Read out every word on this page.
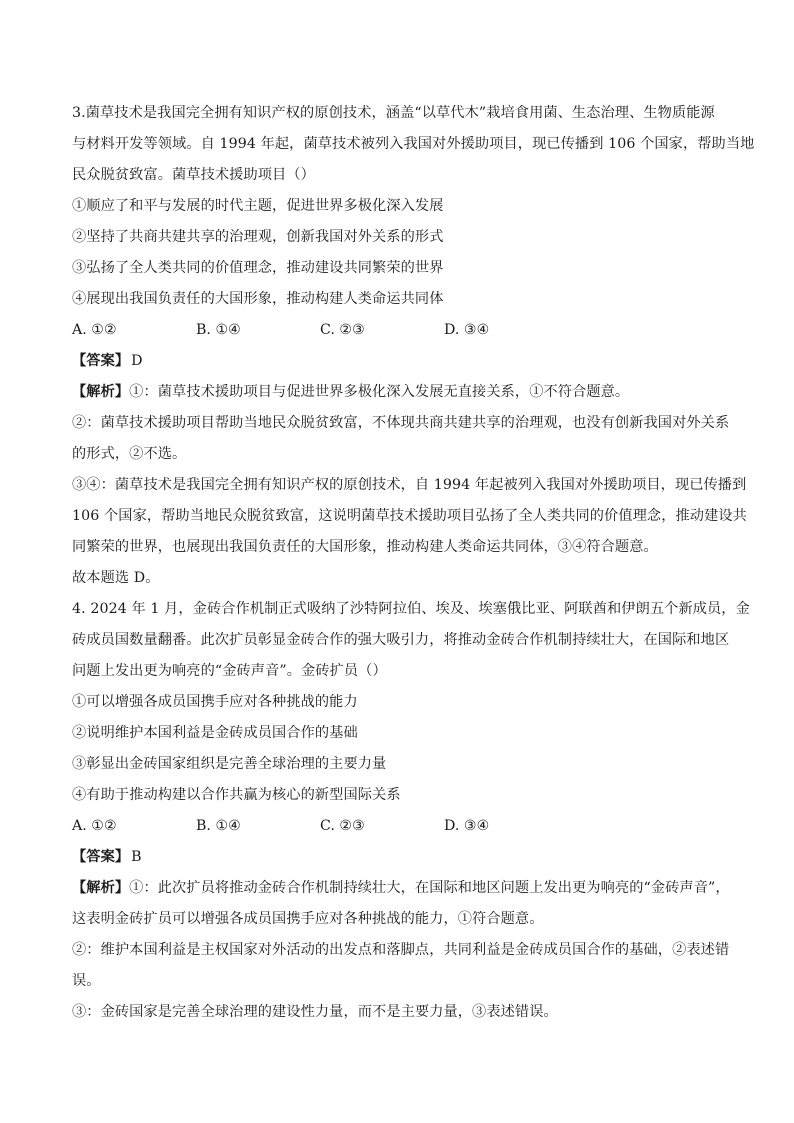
3.菌草技术是我国完全拥有知识产权的原创技术，涵盖“以草代木”栽培食用菌、生态治理、生物质能源
与材料开发等领域。自 1994 年起，菌草技术被列入我国对外援助项目，现已传播到 106 个国家，帮助当地
民众脱贫致富。菌草技术援助项目（）
①顺应了和平与发展的时代主题，促进世界多极化深入发展
②坚持了共商共建共享的治理观，创新我国对外关系的形式
③弘扬了全人类共同的价值理念，推动建设共同繁荣的世界
④展现出我国负责任的大国形象，推动构建人类命运共同体
A. ①②	B. ①④	C. ②③	D. ③④
【答案】 D
【解析】①：菌草技术援助项目与促进世界多极化深入发展无直接关系，①不符合题意。
②：菌草技术援助项目帮助当地民众脱贫致富，不体现共商共建共享的治理观，也没有创新我国对外关系
的形式，②不选。
③④：菌草技术是我国完全拥有知识产权的原创技术，自 1994 年起被列入我国对外援助项目，现已传播到
106 个国家，帮助当地民众脱贫致富，这说明菌草技术援助项目弘扬了全人类共同的价值理念，推动建设共
同繁荣的世界，也展现出我国负责任的大国形象，推动构建人类命运共同体，③④符合题意。
故本题选 D。
4. 2024 年 1 月，金砖合作机制正式吸纳了沙特阿拉伯、埃及、埃塞俄比亚、阿联酋和伊朗五个新成员，金
砖成员国数量翻番。此次扩员彰显金砖合作的强大吸引力，将推动金砖合作机制持续壮大，在国际和地区
问题上发出更为响亮的“金砖声音”。金砖扩员（）
①可以增强各成员国携手应对各种挑战的能力
②说明维护本国利益是金砖成员国合作的基础
③彰显出金砖国家组织是完善全球治理的主要力量
④有助于推动构建以合作共赢为核心的新型国际关系
A. ①②	B. ①④	C. ②③	D. ③④
【答案】 B
【解析】①：此次扩员将推动金砖合作机制持续壮大，在国际和地区问题上发出更为响亮的“金砖声音”，
这表明金砖扩员可以增强各成员国携手应对各种挑战的能力，①符合题意。
②：维护本国利益是主权国家对外活动的出发点和落脚点，共同利益是金砖成员国合作的基础，②表述错
误。
③：金砖国家是完善全球治理的建设性力量，而不是主要力量，③表述错误。
